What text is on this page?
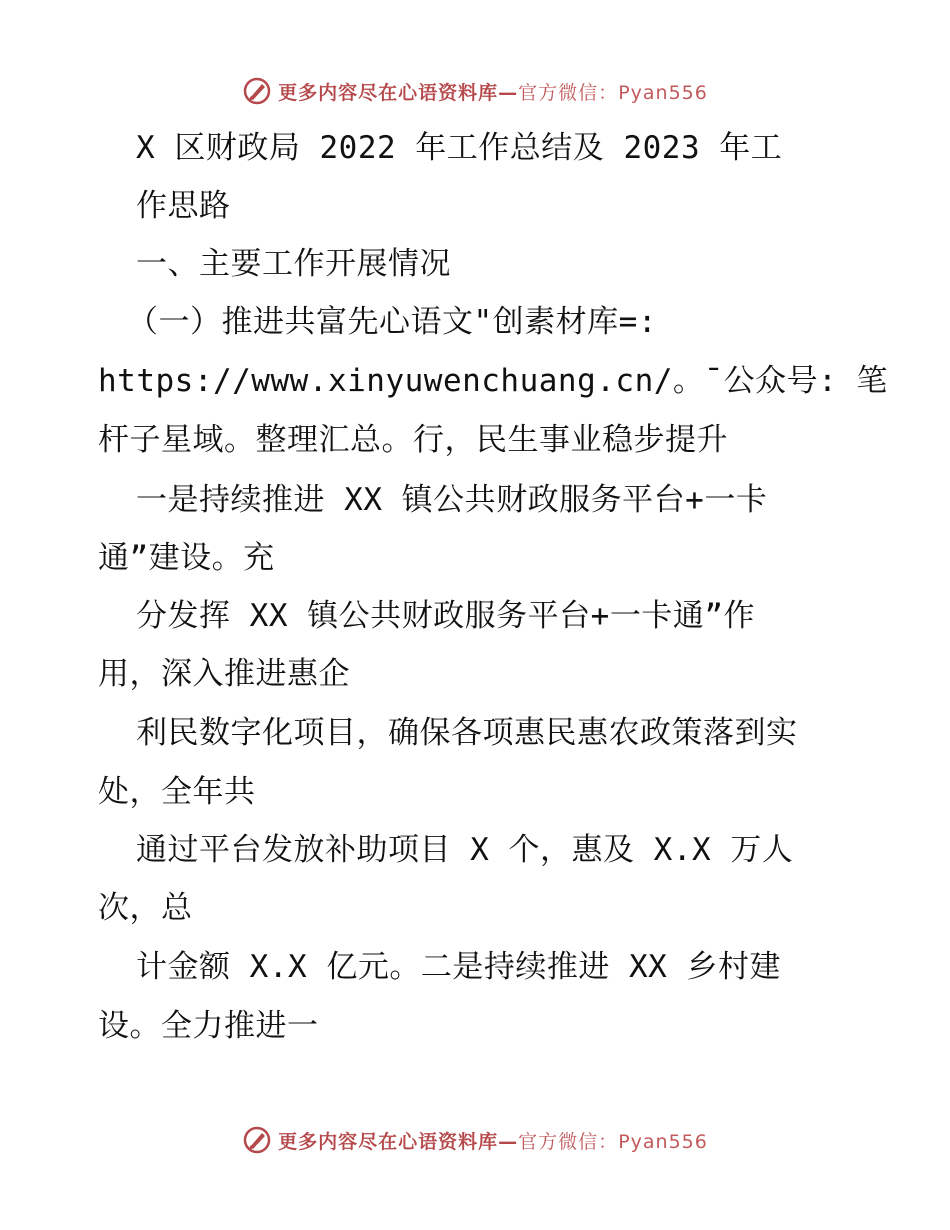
更多内容尽在心语资料库—官方微信：Pyan556
X 区财政局 2022 年工作总结及 2023 年工
作思路
一、主要工作开展情况
（一）推进共富先心语文"创素材库=:
https://www.xinyuwenchuang.cn/。¯公众号: 笔
杆子星域。整理汇总。行，民生事业稳步提升
一是持续推进 XX 镇公共财政服务平台+一卡
通”建设。充
分发挥 XX 镇公共财政服务平台+一卡通”作
用，深入推进惠企
利民数字化项目，确保各项惠民惠农政策落到实
处，全年共
通过平台发放补助项目 X 个，惠及 X.X 万人
次，总
计金额 X.X 亿元。二是持续推进 XX 乡村建
设。全力推进一
更多内容尽在心语资料库—官方微信：Pyan556
